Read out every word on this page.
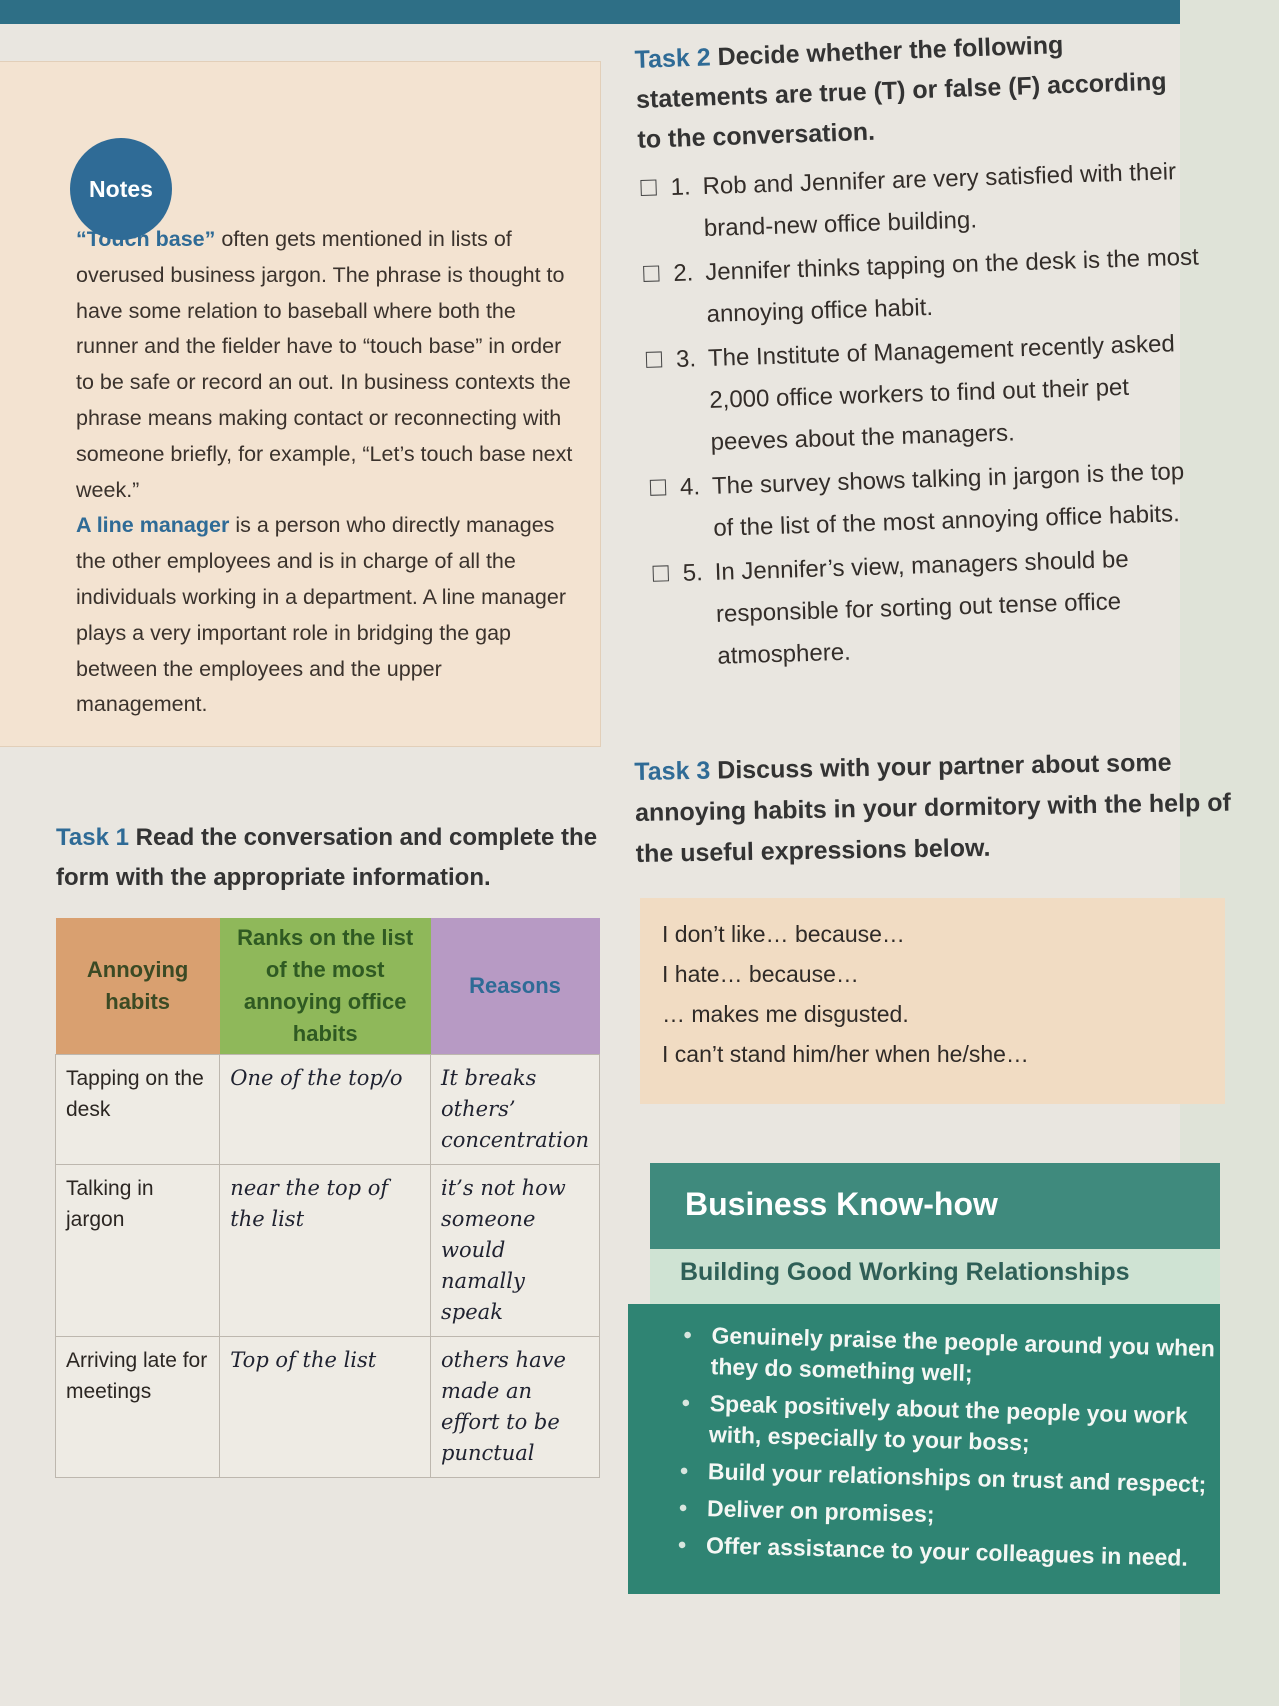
Notes

“Touch base” often gets mentioned in lists of overused business jargon. The phrase is thought to have some relation to baseball where both the runner and the fielder have to “touch base” in order to be safe or record an out. In business contexts the phrase means making contact or reconnecting with someone briefly, for example, “Let’s touch base next week.”

A line manager is a person who directly manages the other employees and is in charge of all the individuals working in a department. A line manager plays a very important role in bridging the gap between the employees and the upper management.

Task 2 Decide whether the following statements are true (T) or false (F) according to the conversation.
1. Rob and Jennifer are very satisfied with their brand-new office building.
2. Jennifer thinks tapping on the desk is the most annoying office habit.
3. The Institute of Management recently asked 2,000 office workers to find out their pet peeves about the managers.
4. The survey shows talking in jargon is the top of the list of the most annoying office habits.
5. In Jennifer’s view, managers should be responsible for sorting out tense office atmosphere.
Task 3 Discuss with your partner about some annoying habits in your dormitory with the help of the useful expressions below.
I don’t like… because…
I hate… because…
… makes me disgusted.
I can’t stand him/her when he/she…
Task 1 Read the conversation and complete the form with the appropriate information.
Annoying habits	Ranks on the list of the most annoying office habits	Reasons
Tapping on the desk	One of the top/o	It breaks others’ concentration
Talking in jargon	near the top of the list	it’s not how someone would namally speak
Arriving late for meetings	Top of the list	others have made an effort to be punctual
Business Know-how
Building Good Working Relationships
• Genuinely praise the people around you when they do something well;
• Speak positively about the people you work with, especially to your boss;
• Build your relationships on trust and respect;
• Deliver on promises;
• Offer assistance to your colleagues in need.
